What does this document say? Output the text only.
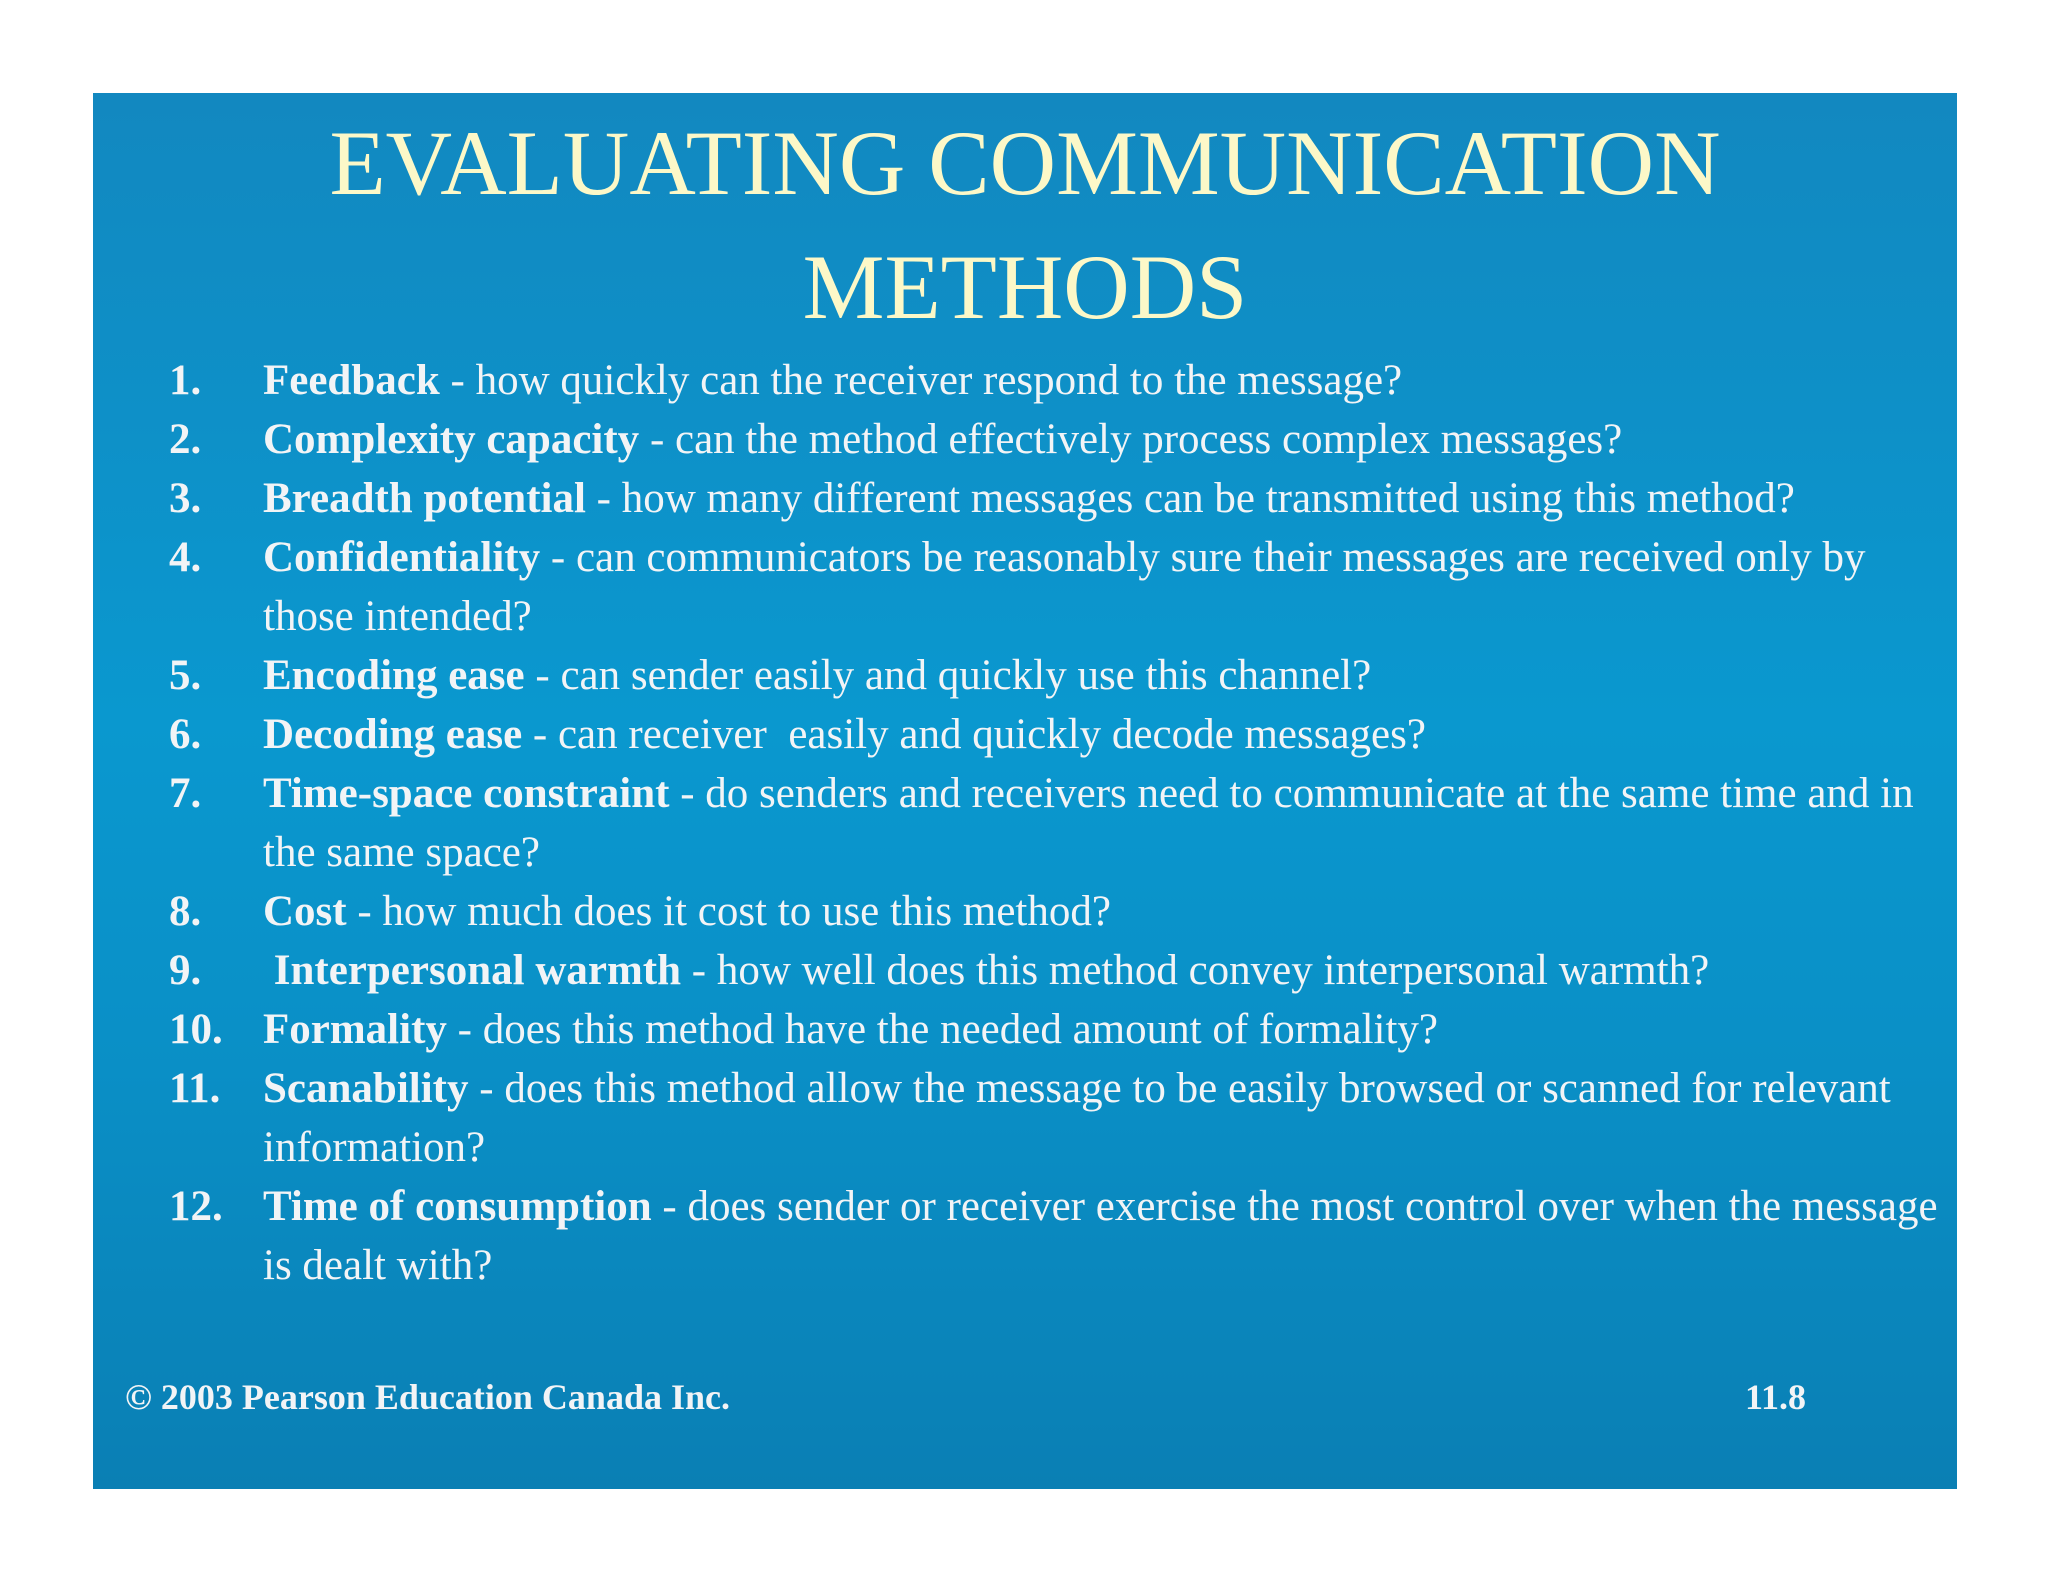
EVALUATING COMMUNICATION
METHODS
1.	Feedback - how quickly can the receiver respond to the message?
2.	Complexity capacity - can the method effectively process complex messages?
3.	Breadth potential - how many different messages can be transmitted using this method?
4.	Confidentiality - can communicators be reasonably sure their messages are received only by those intended?
5.	Encoding ease - can sender easily and quickly use this channel?
6.	Decoding ease - can receiver  easily and quickly decode messages?
7.	Time-space constraint - do senders and receivers need to communicate at the same time and in the same space?
8.	Cost - how much does it cost to use this method?
9.	Interpersonal warmth - how well does this method convey interpersonal warmth?
10. Formality - does this method have the needed amount of formality?
11. Scanability - does this method allow the message to be easily browsed or scanned for relevant information?
12. Time of consumption - does sender or receiver exercise the most control over when the message is dealt with?
© 2003 Pearson Education Canada Inc.	11.8
